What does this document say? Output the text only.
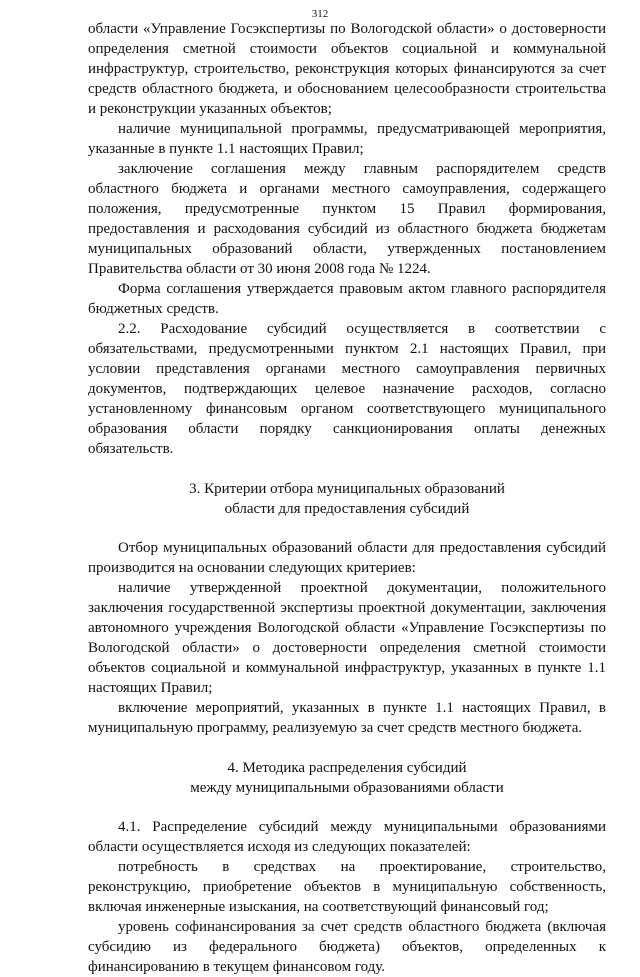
312

области «Управление Госэкспертизы по Вологодской области» о достоверности определения сметной стоимости объектов социальной и коммунальной инфраструктур, строительство, реконструкция которых финансируются за счет средств областного бюджета, и обоснованием целесообразности строительства и реконструкции указанных объектов;

наличие муниципальной программы, предусматривающей мероприятия, указанные в пункте 1.1 настоящих Правил;

заключение соглашения между главным распорядителем средств областного бюджета и органами местного самоуправления, содержащего положения, предусмотренные пунктом 15 Правил формирования, предоставления и расходования субсидий из областного бюджета бюджетам муниципальных образований области, утвержденных постановлением Правительства области от 30 июня 2008 года № 1224.

Форма соглашения утверждается правовым актом главного распорядителя бюджетных средств.

2.2. Расходование субсидий осуществляется в соответствии с обязательствами, предусмотренными пунктом 2.1 настоящих Правил, при условии представления органами местного самоуправления первичных документов, подтверждающих целевое назначение расходов, согласно установленному финансовым органом соответствующего муниципального образования области порядку санкционирования оплаты денежных обязательств.

3. Критерии отбора муниципальных образований

области для предоставления субсидий

Отбор муниципальных образований области для предоставления субсидий производится на основании следующих критериев:

наличие утвержденной проектной документации, положительного заключения государственной экспертизы проектной документации, заключения автономного учреждения Вологодской области «Управление Госэкспертизы по Вологодской области» о достоверности определения сметной стоимости объектов социальной и коммунальной инфраструктур, указанных в пункте 1.1 настоящих Правил;

включение мероприятий, указанных в пункте 1.1 настоящих Правил, в муниципальную программу, реализуемую за счет средств местного бюджета.

4. Методика распределения субсидий

между муниципальными образованиями области

4.1. Распределение субсидий между муниципальными образованиями области осуществляется исходя из следующих показателей:

потребность в средствах на проектирование, строительство, реконструкцию, приобретение объектов в муниципальную собственность, включая инженерные изыскания, на соответствующий финансовый год;

уровень софинансирования за счет средств областного бюджета (включая субсидию из федерального бюджета) объектов, определенных к финансированию в текущем финансовом году.
